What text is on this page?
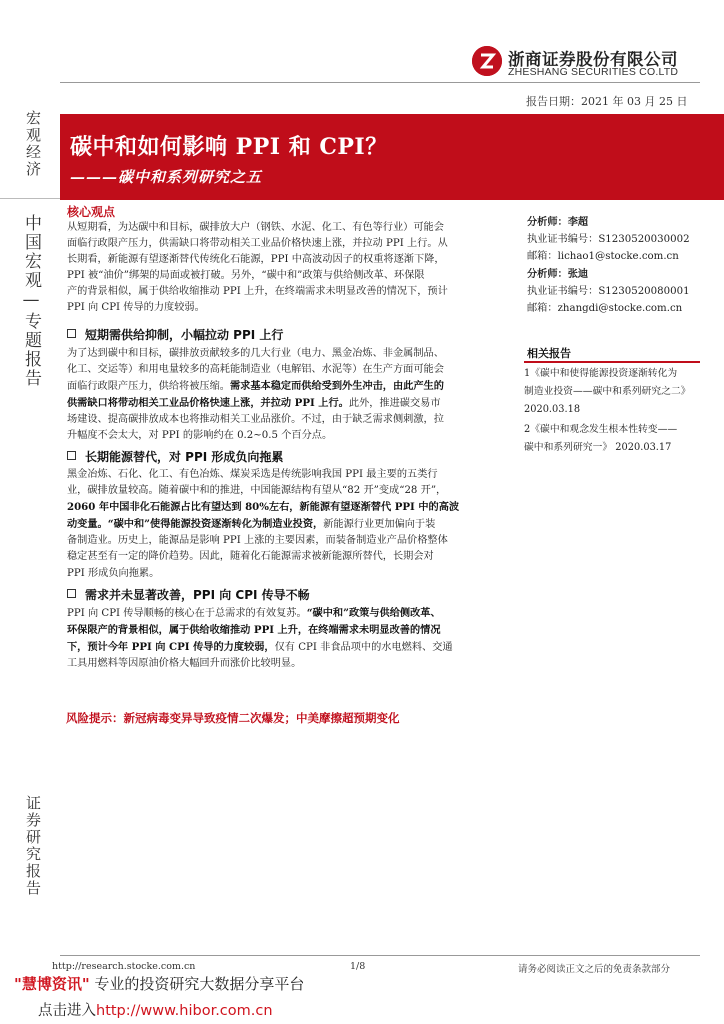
浙商证券股份有限公司
ZHESHANG SECURITIES CO.LTD
报告日期：2021 年 03 月 25 日
宏观经济
中国宏观—专题报告
证券研究报告
碳中和如何影响 PPI 和 CPI？
———碳中和系列研究之五
核心观点
从短期看，为达碳中和目标，碳排放大户（钢铁、水泥、化工、有色等行业）可能会
面临行政限产压力，供需缺口将带动相关工业品价格快速上涨，并拉动 PPI 上行。从
长期看，新能源有望逐渐替代传统化石能源，PPI 中高波动因子的权重将逐渐下降，
PPI 被“油价”绑架的局面或被打破。另外，“碳中和”政策与供给侧改革、环保限
产的背景相似，属于供给收缩推动 PPI 上升，在终端需求未明显改善的情况下，预计
PPI 向 CPI 传导的力度较弱。
短期需供给抑制，小幅拉动 PPI 上行
为了达到碳中和目标，碳排放贡献较多的几大行业（电力、黑金冶炼、非金属制品、
化工、交运等）和用电量较多的高耗能制造业（电解铝、水泥等）在生产方面可能会
面临行政限产压力，供给将被压缩。需求基本稳定而供给受到外生冲击，由此产生的
供需缺口将带动相关工业品价格快速上涨，并拉动 PPI 上行。此外，推进碳交易市
场建设、提高碳排放成本也将推动相关工业品涨价。不过，由于缺乏需求侧刺激，拉
升幅度不会太大，对 PPI 的影响约在 0.2~0.5 个百分点。
长期能源替代，对 PPI 形成负向拖累
黑金冶炼、石化、化工、有色冶炼、煤炭采选是传统影响我国 PPI 最主要的五类行
业，碳排放量较高。随着碳中和的推进，中国能源结构有望从“82 开”变成“28 开”，
2060 年中国非化石能源占比有望达到 80%左右，新能源有望逐渐替代 PPI 中的高波
动变量。“碳中和”使得能源投资逐渐转化为制造业投资，新能源行业更加偏向于装
备制造业。历史上，能源品是影响 PPI 上涨的主要因素，而装备制造业产品价格整体
稳定甚至有一定的降价趋势。因此，随着化石能源需求被新能源所替代，长期会对
PPI 形成负向拖累。
需求并未显著改善，PPI 向 CPI 传导不畅
PPI 向 CPI 传导顺畅的核心在于总需求的有效复苏。“碳中和”政策与供给侧改革、
环保限产的背景相似，属于供给收缩推动 PPI 上升，在终端需求未明显改善的情况
下，预计今年 PPI 向 CPI 传导的力度较弱，仅有 CPI 非食品项中的水电燃料、交通
工具用燃料等因原油价格大幅回升而涨价比较明显。
风险提示：新冠病毒变异导致疫情二次爆发；中美摩擦超预期变化
分析师：李超
执业证书编号：S1230520030002
邮箱：lichao1@stocke.com.cn
分析师：张迪
执业证书编号：S1230520080001
邮箱：zhangdi@stocke.com.cn
相关报告
1《碳中和使得能源投资逐渐转化为
制造业投资——碳中和系列研究之二》
2020.03.18
2《碳中和观念发生根本性转变——
碳中和系列研究一》 2020.03.17
http://research.stocke.com.cn	1/8	请务必阅读正文之后的免责条款部分
"慧博资讯" 专业的投资研究大数据分享平台
点击进入http://www.hibor.com.cn
